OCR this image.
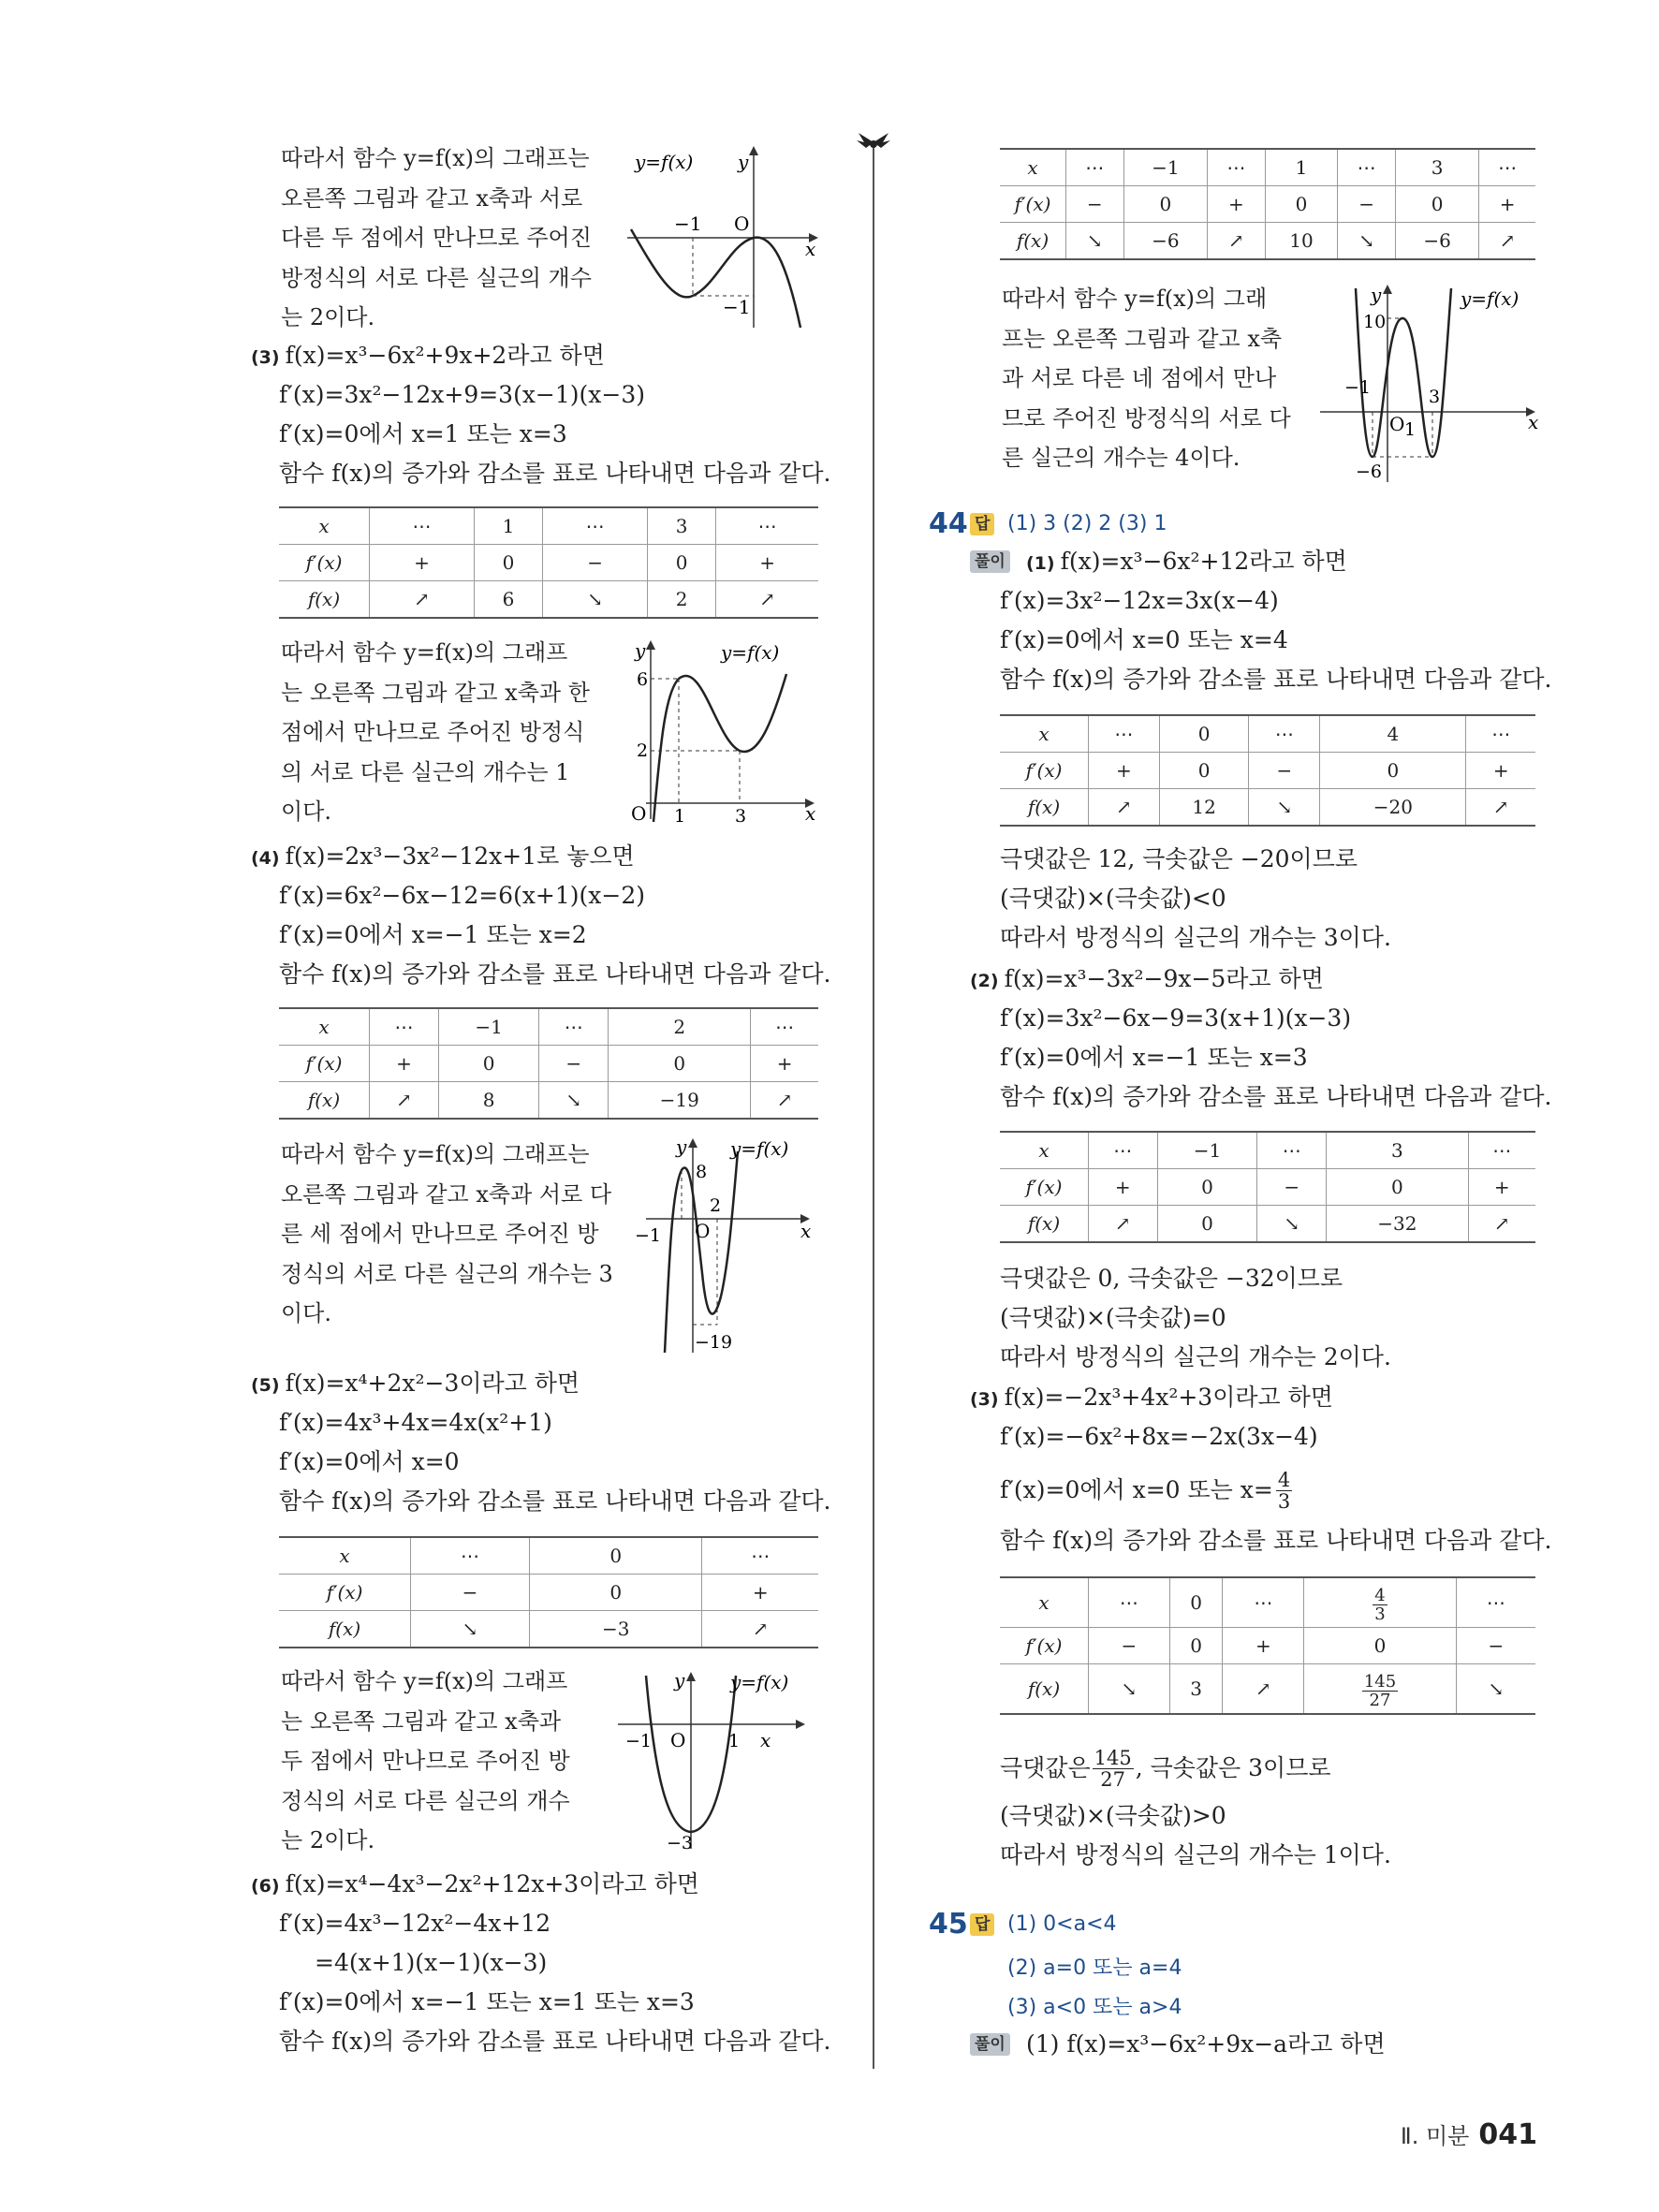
따라서 함수 y=f(x)의 그래프는
오른쪽 그림과 같고 x축과 서로
다른 두 점에서 만나므로 주어진
방정식의 서로 다른 실근의 개수
는 2이다.
y=f(x) y
x
O
−1
−1
(3) f(x)=x³−6x²+9x+2라고 하면
f′(x)=3x²−12x+9=3(x−1)(x−3)
f′(x)=0에서 x=1 또는 x=3
함수 f(x)의 증가와 감소를 표로 나타내면 다음과 같다.
x	⋯	1	⋯	3	⋯
f′(x)	+	0	−	0	+
f(x)	↗	6	↘	2	↗
따라서 함수 y=f(x)의 그래프
는 오른쪽 그림과 같고 x축과 한
점에서 만나므로 주어진 방정식
의 서로 다른 실근의 개수는 1
이다.
y=f(x)
y
x
O
6
2
1	3
(4) f(x)=2x³−3x²−12x+1로 놓으면
f′(x)=6x²−6x−12=6(x+1)(x−2)
f′(x)=0에서 x=−1 또는 x=2
함수 f(x)의 증가와 감소를 표로 나타내면 다음과 같다.
x	⋯	−1	⋯	2	⋯
f′(x)	+	0	−	0	+
f(x)	↗	8	↘	−19	↗
따라서 함수 y=f(x)의 그래프는
오른쪽 그림과 같고 x축과 서로 다
른 세 점에서 만나므로 주어진 방
정식의 서로 다른 실근의 개수는 3
이다.
y=f(x)
y
x
O
8
2
−1
−19
(5) f(x)=x⁴+2x²−3이라고 하면
f′(x)=4x³+4x=4x(x²+1)
f′(x)=0에서 x=0
함수 f(x)의 증가와 감소를 표로 나타내면 다음과 같다.
x	⋯	0	⋯
f′(x)	−	0	+
f(x)	↘	−3	↗
따라서 함수 y=f(x)의 그래프
는 오른쪽 그림과 같고 x축과
두 점에서 만나므로 주어진 방
정식의 서로 다른 실근의 개수
는 2이다.
y=f(x)
y
x
O
−1	1
−3
(6) f(x)=x⁴−4x³−2x²+12x+3이라고 하면
f′(x)=4x³−12x²−4x+12
=4(x+1)(x−1)(x−3)
f′(x)=0에서 x=−1 또는 x=1 또는 x=3
함수 f(x)의 증가와 감소를 표로 나타내면 다음과 같다.
x	⋯	−1	⋯	1	⋯	3	⋯
f′(x)	−	0	+	0	−	0	+
f(x)	↘	−6	↗	10	↘	−6	↗
따라서 함수 y=f(x)의 그래
프는 오른쪽 그림과 같고 x축
과 서로 다른 네 점에서 만나
므로 주어진 방정식의 서로 다
른 실근의 개수는 4이다.
y=f(x)
y
x
O
10
−1
1
3
−6
44 답 (1) 3 (2) 2 (3) 1
풀이 (1) f(x)=x³−6x²+12라고 하면
f′(x)=3x²−12x=3x(x−4)
f′(x)=0에서 x=0 또는 x=4
함수 f(x)의 증가와 감소를 표로 나타내면 다음과 같다.
x	⋯	0	⋯	4	⋯
f′(x)	+	0	−	0	+
f(x)	↗	12	↘	−20	↗
극댓값은 12, 극솟값은 −20이므로
(극댓값)×(극솟값)<0
따라서 방정식의 실근의 개수는 3이다.
(2) f(x)=x³−3x²−9x−5라고 하면
f′(x)=3x²−6x−9=3(x+1)(x−3)
f′(x)=0에서 x=−1 또는 x=3
함수 f(x)의 증가와 감소를 표로 나타내면 다음과 같다.
x	⋯	−1	⋯	3	⋯
f′(x)	+	0	−	0	+
f(x)	↗	0	↘	−32	↗
극댓값은 0, 극솟값은 −32이므로
(극댓값)×(극솟값)=0
따라서 방정식의 실근의 개수는 2이다.
(3) f(x)=−2x³+4x²+3이라고 하면
f′(x)=−6x²+8x=−2x(3x−4)
f′(x)=0에서 x=0 또는 $x= \frac{4}{3}$
함수 f(x)의 증가와 감소를 표로 나타내면 다음과 같다.
x	⋯	0	⋯	$\frac{4}{3}$	⋯
f′(x)	−	0	+	0	−
f(x)	↘	3	↗	$\frac{145}{27}$	↘
극댓값은 $\frac{145}{27}$ , 극솟값은 3이므로
(극댓값)×(극솟값)>0
따라서 방정식의 실근의 개수는 1이다.
45 답 (1) 0<a<4
(2) a=0 또는 a=4
(3) a<0 또는 a>4
풀이 (1) f(x)=x³−6x²+9x−a라고 하면
Ⅱ. 미분 041
